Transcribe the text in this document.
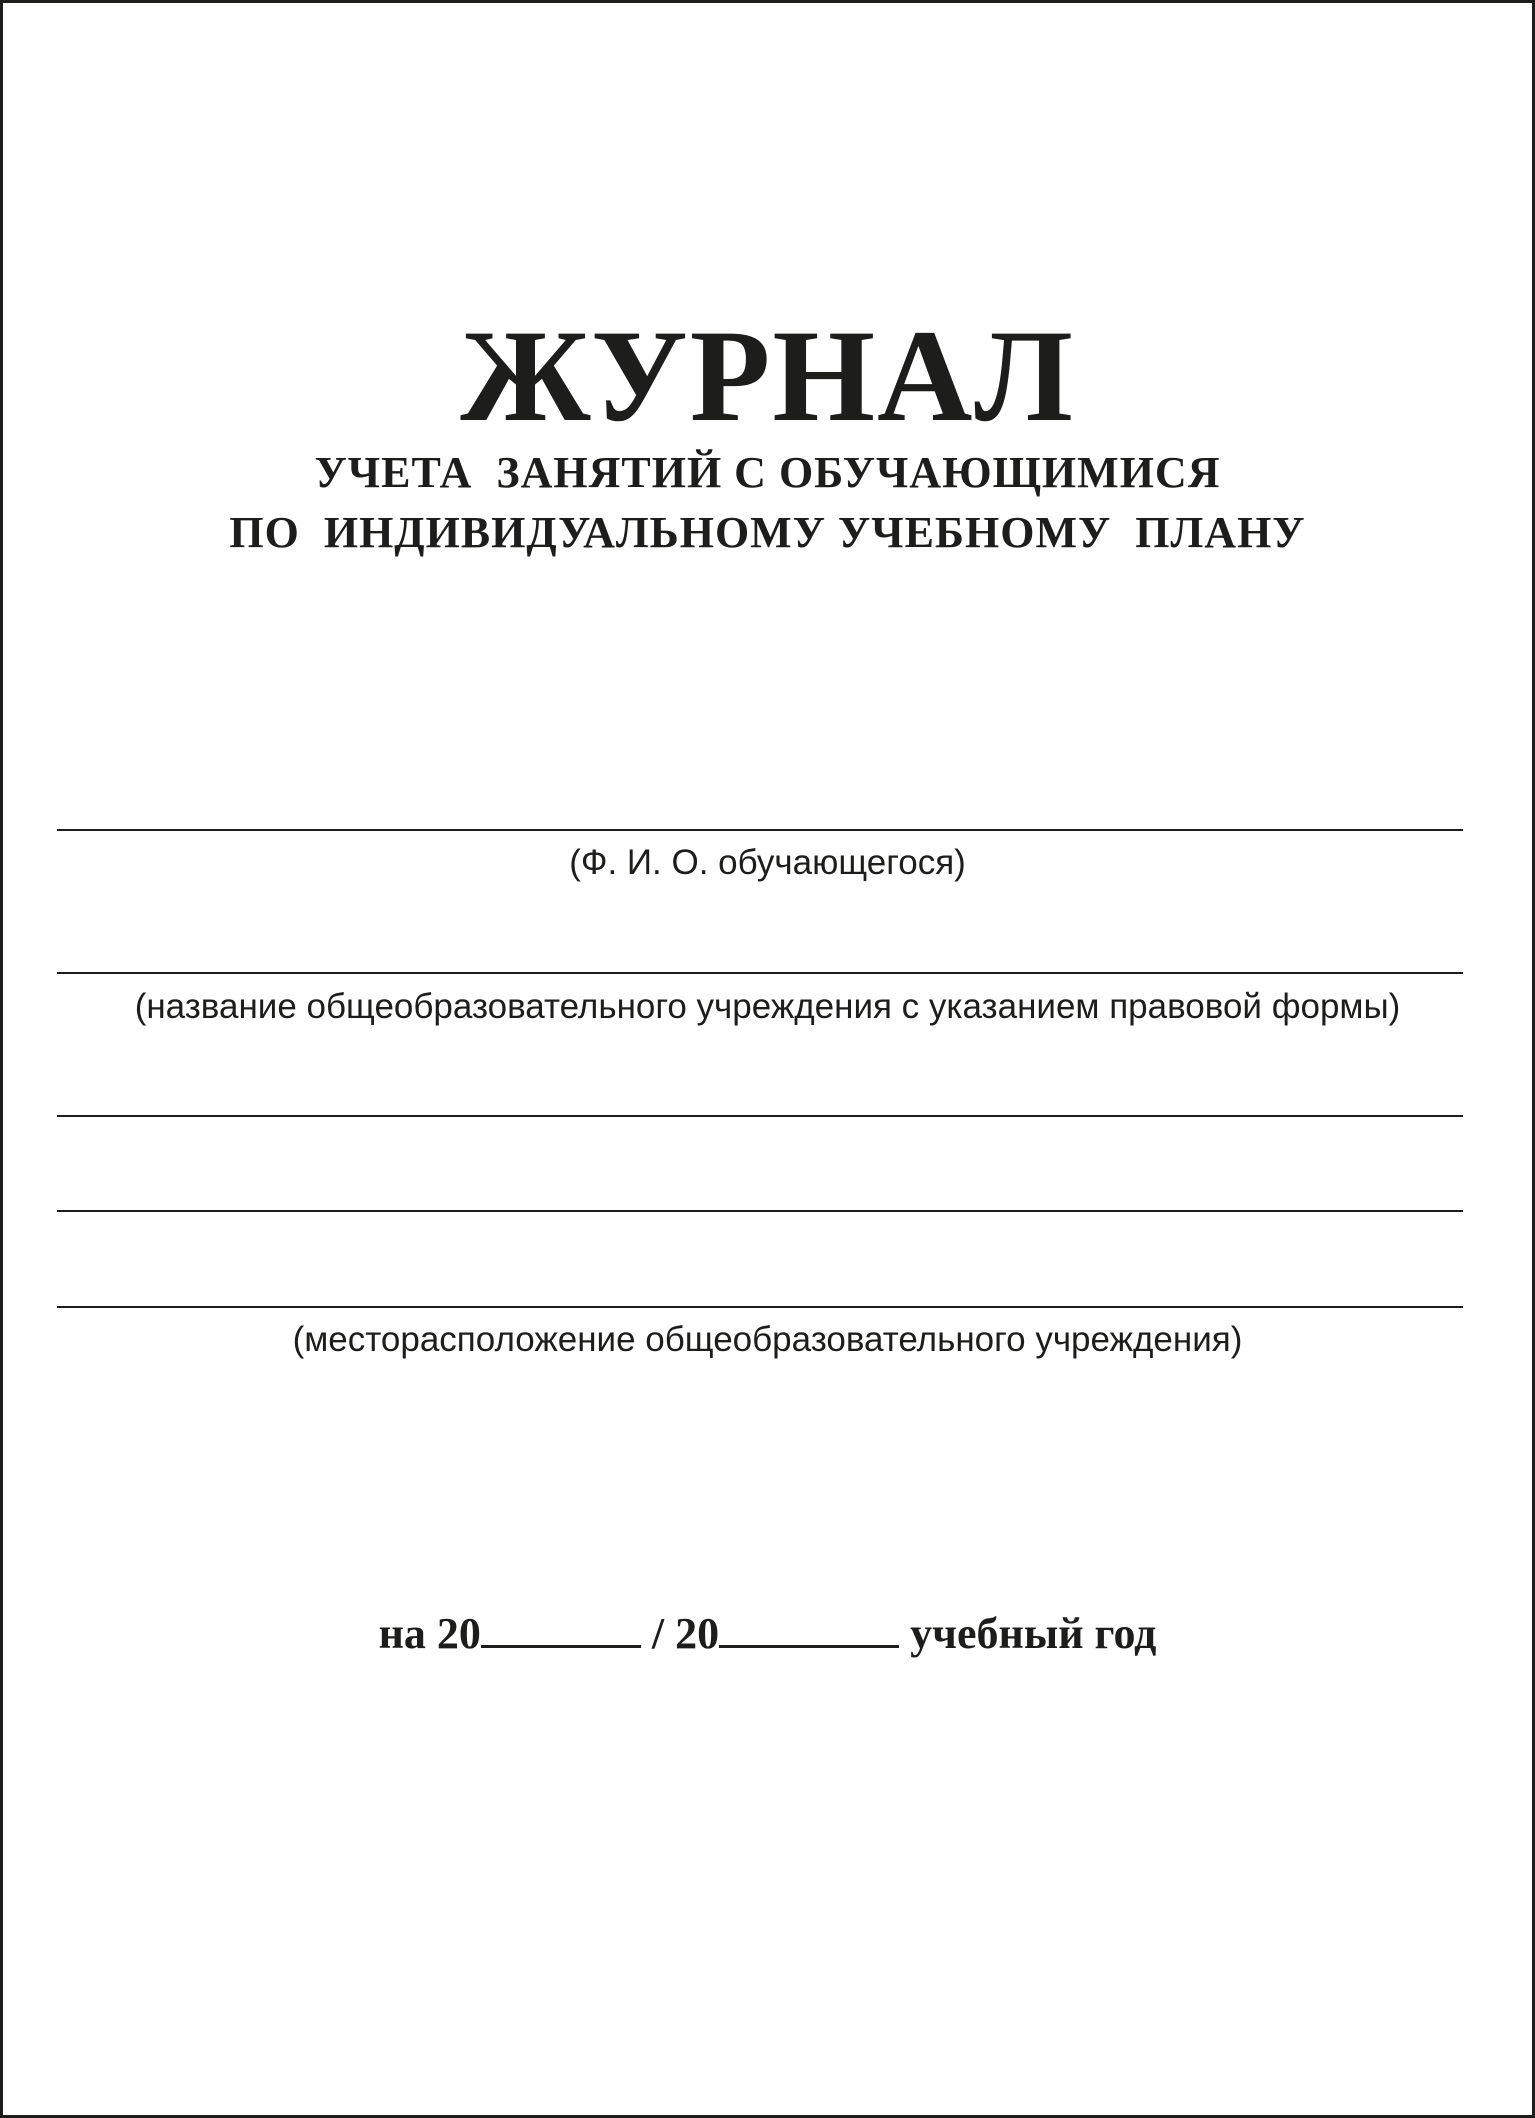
ЖУРНАЛ
УЧЕТА  ЗАНЯТИЙ С ОБУЧАЮЩИМИСЯ
ПО  ИНДИВИДУАЛЬНОМУ УЧЕБНОМУ  ПЛАНУ
(Ф. И. О. обучающегося)
(название общеобразовательного учреждения с указанием правовой формы)
(месторасположение общеобразовательного учреждения)
на 20	/ 20	учебный год
